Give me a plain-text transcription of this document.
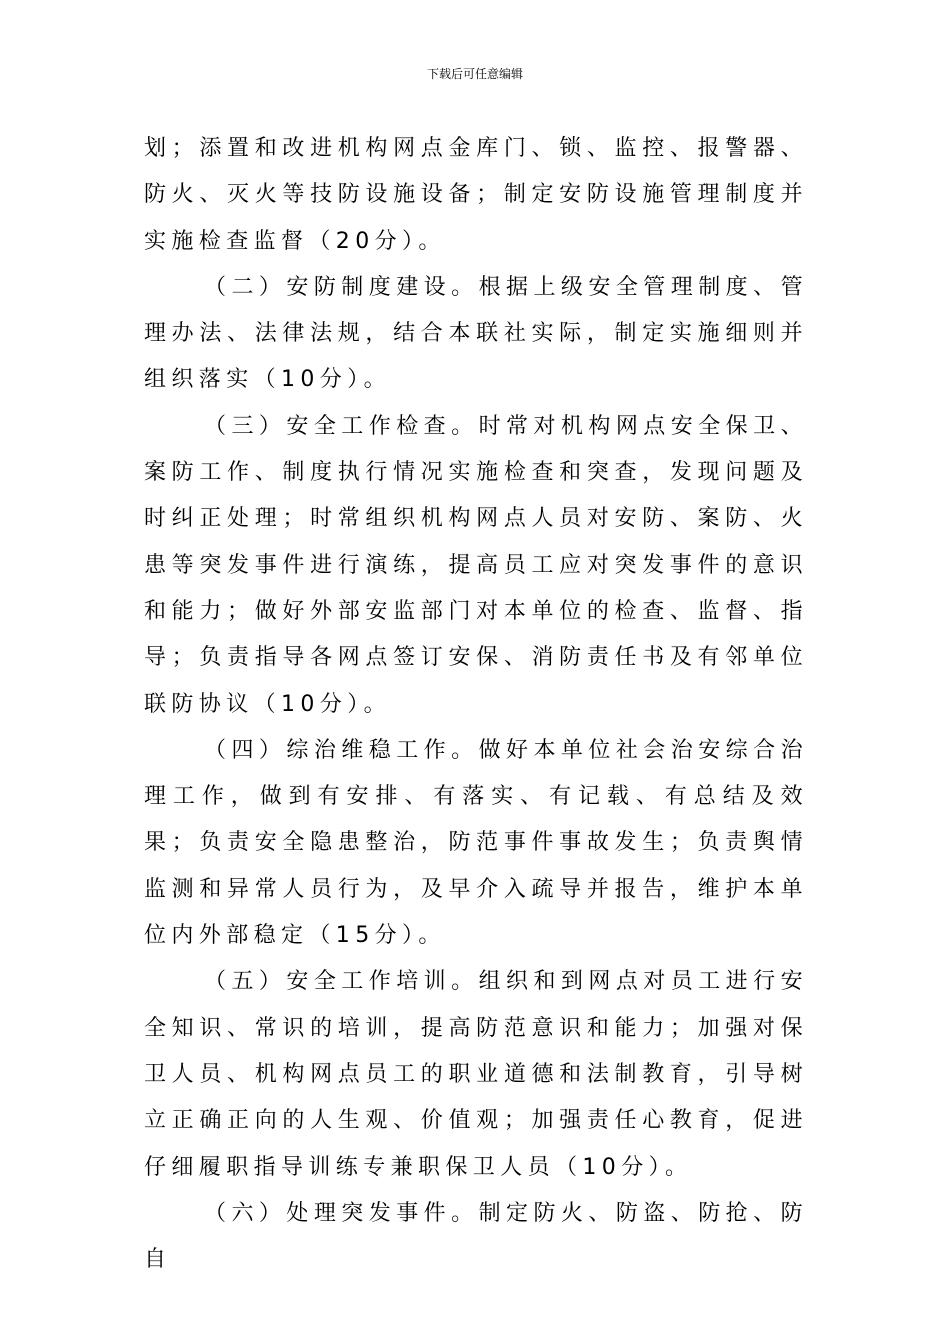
下载后可任意编辑

划；添置和改进机构网点金库门、锁、监控、报警器、防火、灭火等技防设施设备；制定安防设施管理制度并实施检查监督（20分）。

（二）安防制度建设。根据上级安全管理制度、管理办法、法律法规，结合本联社实际，制定实施细则并组织落实（10分）。

（三）安全工作检查。时常对机构网点安全保卫、案防工作、制度执行情况实施检查和突查，发现问题及时纠正处理；时常组织机构网点人员对安防、案防、火患等突发事件进行演练，提高员工应对突发事件的意识和能力；做好外部安监部门对本单位的检查、监督、指导；负责指导各网点签订安保、消防责任书及有邻单位联防协议（10分）。

（四）综治维稳工作。做好本单位社会治安综合治理工作，做到有安排、有落实、有记载、有总结及效果；负责安全隐患整治，防范事件事故发生；负责舆情监测和异常人员行为，及早介入疏导并报告，维护本单位内外部稳定（15分）。

（五）安全工作培训。组织和到网点对员工进行安全知识、常识的培训，提高防范意识和能力；加强对保卫人员、机构网点员工的职业道德和法制教育，引导树立正确正向的人生观、价值观；加强责任心教育，促进仔细履职指导训练专兼职保卫人员（10分）。

（六）处理突发事件。制定防火、防盗、防抢、防自
